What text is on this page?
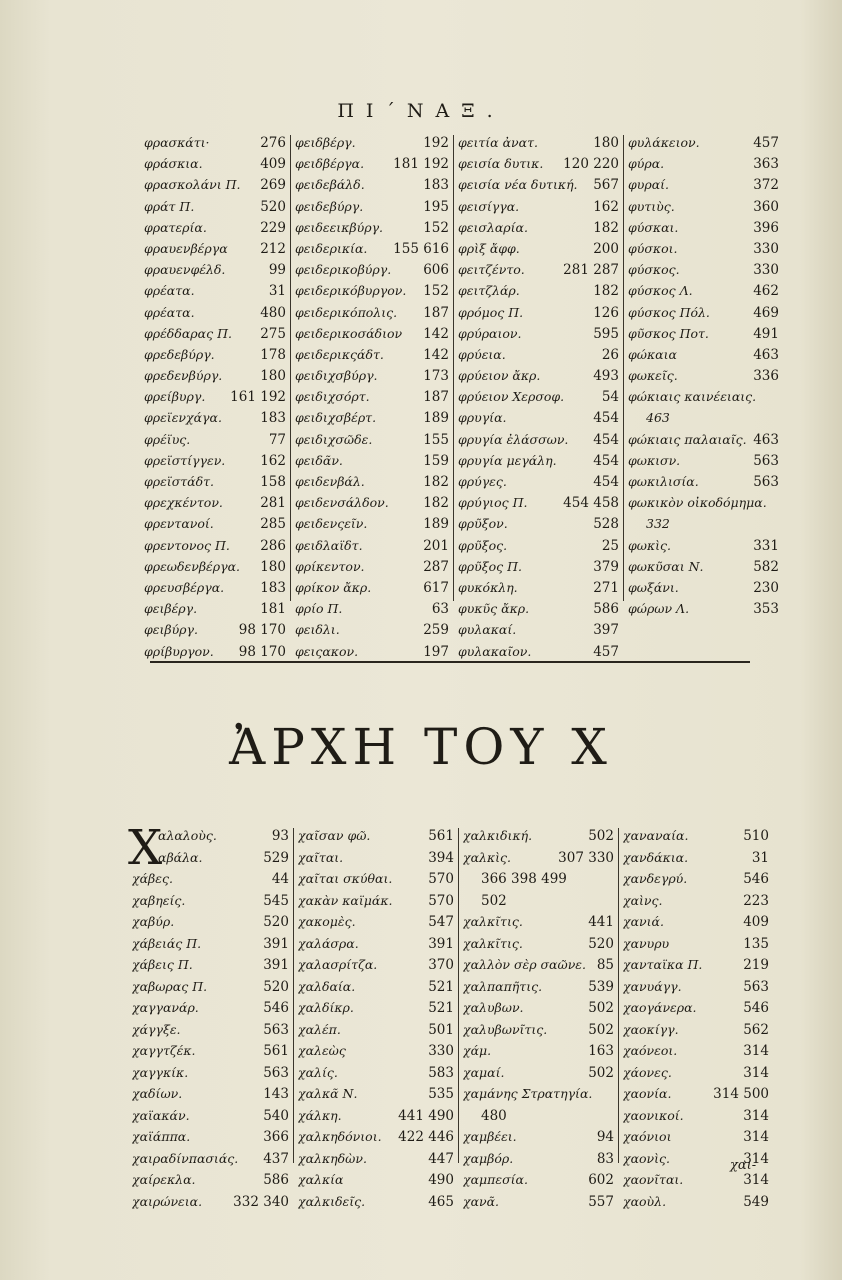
ΠΙ΄ΝΑΞ.
φρασκάτι·	276
φράσκια.	409
φρασκολάνι Π. 269
φράτ Π.	520
φρατερία.	229
φραυενβέργα 212
φραυενφέλδ.	99
φρέατα.	31
φρέατα.	480
φρέδδαρας Π. 275
φρεδεβύργ.	178
φρεδενβύργ.	180
φρείβυργ. 161 192
φρεϊενχάγα.	183
φρέϊυς.	77
φρεϊστίγγεν.	162
φρεϊστάδτ.	158
φρεχκέντον.	281
φρεντανοί.	285
φρεντονος Π. 286
φρεωδενβέργα. 180
φρευσβέργα.	183
φειβέργ.	181
φειβύργ.	98 170
φρίβυργον. 98 170
φειδβέργ.	192
φειδβέργα. 181 192
φειδεβάλδ.	183
φειδεβύργ.	195
φειδεεικβύργ.	152
φειδερικία. 155 616
φειδερικοβύργ. 606
φειδερικόβυργον. 152
φειδερικόπολις. 187
φειδερικοσάδιον 142
φειδερικςάδτ.	142
φειδιχσβύργ.	173
φειδιχσόρτ.	187
φειδιχσβέρτ.	189
φειδιχσῶδε.	155
φειδᾶν.	159
φειδενβάλ.	182
φειδενσάλδον.	182
φειδενςεῖν.	189
φειδλαϊδτ.	201
φρίκεντον.	287
φρίκον ἄκρ.	617
φρίο Π.	63
φειδλι.	259
φειςακον.	197
φειτία ἀνατ.	180
φεισία δυτικ. 120 220
φεισία νέα δυτική. 567
φεισίγγα.	162
φεισλαρία.	182
φρὶξ ἄφφ.	200
φειτζέντο.	281 287
φειτζλάρ.	182
φρόμος Π.	126
φρύραιον.	595
φρύεια.	26
φρύειον ἄκρ.	493
φρύειον Χερσοφ.	54
φρυγία.	454
φρυγία ἐλάσσων. 454
φρυγία μεγάλη.	454
φρύγες.	454
φρύγιος Π.	454 458
φρῦξον.	528
φρῦξος.	25
φρῦξος Π.	379
φυκόκλη.	271
φυκῦς ἄκρ.	586
φυλακαί.	397
φυλακαῖον.	457
φυλάκειον.	457
φύρα.	363
φυραί.	372
φυτιὺς.	360
φύσκαι.	396
φύσκοι.	330
φύσκος.	330
φύσκος Λ.	462
φύσκος Πόλ.	469
φῦσκος Ποτ.	491
φώκαια	463
φωκεῖς.	336
φώκιαις καινέειαις.
463
φώκιαις παλαιαῖς. 463
φωκισν.	563
φωκιλισία.	563
φωκικὸν οἰκοδόμημα.
332
φωκὶς.	331
φωκῦσαι Ν.	582
φωξάνι.	230
φώρων Λ.	353
ἈΡΧΗ ΤΟΥ Χ
Χ
αλαλοὺς.	93
αβάλα.	529
χάβες.	44
χαβηείς.	545
χαβύρ.	520
χάβειάς Π.	391
χάβεις Π.	391
χαβωρας Π.	520
χαγγανάρ.	546
χάγγξε.	563
χαγγτζέκ.	561
χαγγκίκ.	563
χαδίων.	143
χαϊακάν.	540
χαϊάππα.	366
χαιραδίνπασιάς. 437
χαίρεκλα.	586
χαιρώνεια. 332 340
χαῖσαν φῶ.	561
χαῖται.	394
χαῖται σκύθαι.	570
χακὰν καϊμάκ.	570
χακομὲς.	547
χαλάσρα.	391
χαλασρίτζα.	370
χαλδαία.	521
χαλδίκρ.	521
χαλέπ.	501
χαλεὼς	330
χαλίς.	583
χαλκᾶ Ν.	535
χάλκη.	441 490
χαλκηδόνιοι. 422 446
χαλκηδὼν.	447
χαλκία	490
χαλκιδεῖς.	465
χαλκιδική.	502
χαλκὶς.	307 330
366 398 499
502
χαλκῖτις.	441
χαλκῖτις.	520
χαλλὸν σὲρ σαῶνε. 85
χαλπαπῆτις.	539
χαλυβων.	502
χαλυβωνῖτις.	502
χάμ.	163
χαμαί.	502
χαμάνης Στρατηγία.
480
χαμβέει.	94
χαμβόρ.	83
χαμπεσία.	602
χανᾶ.	557
χαναναία.	510
χανδάκια.	31
χανδεγρύ.	546
χαὶνς.	223
χανιά.	409
χανυρυ	135
χανταϊκα Π.	219
χανυάγγ.	563
χαογάνερα.	546
χαοκίγγ.	562
χαόνεοι.	314
χάονες.	314
χαονία.	314 500
χαονικοί.	314
χαόνιοι	314
χαονὶς.	314
χαονῖται.	314
χαοὺλ.	549
χαι-
